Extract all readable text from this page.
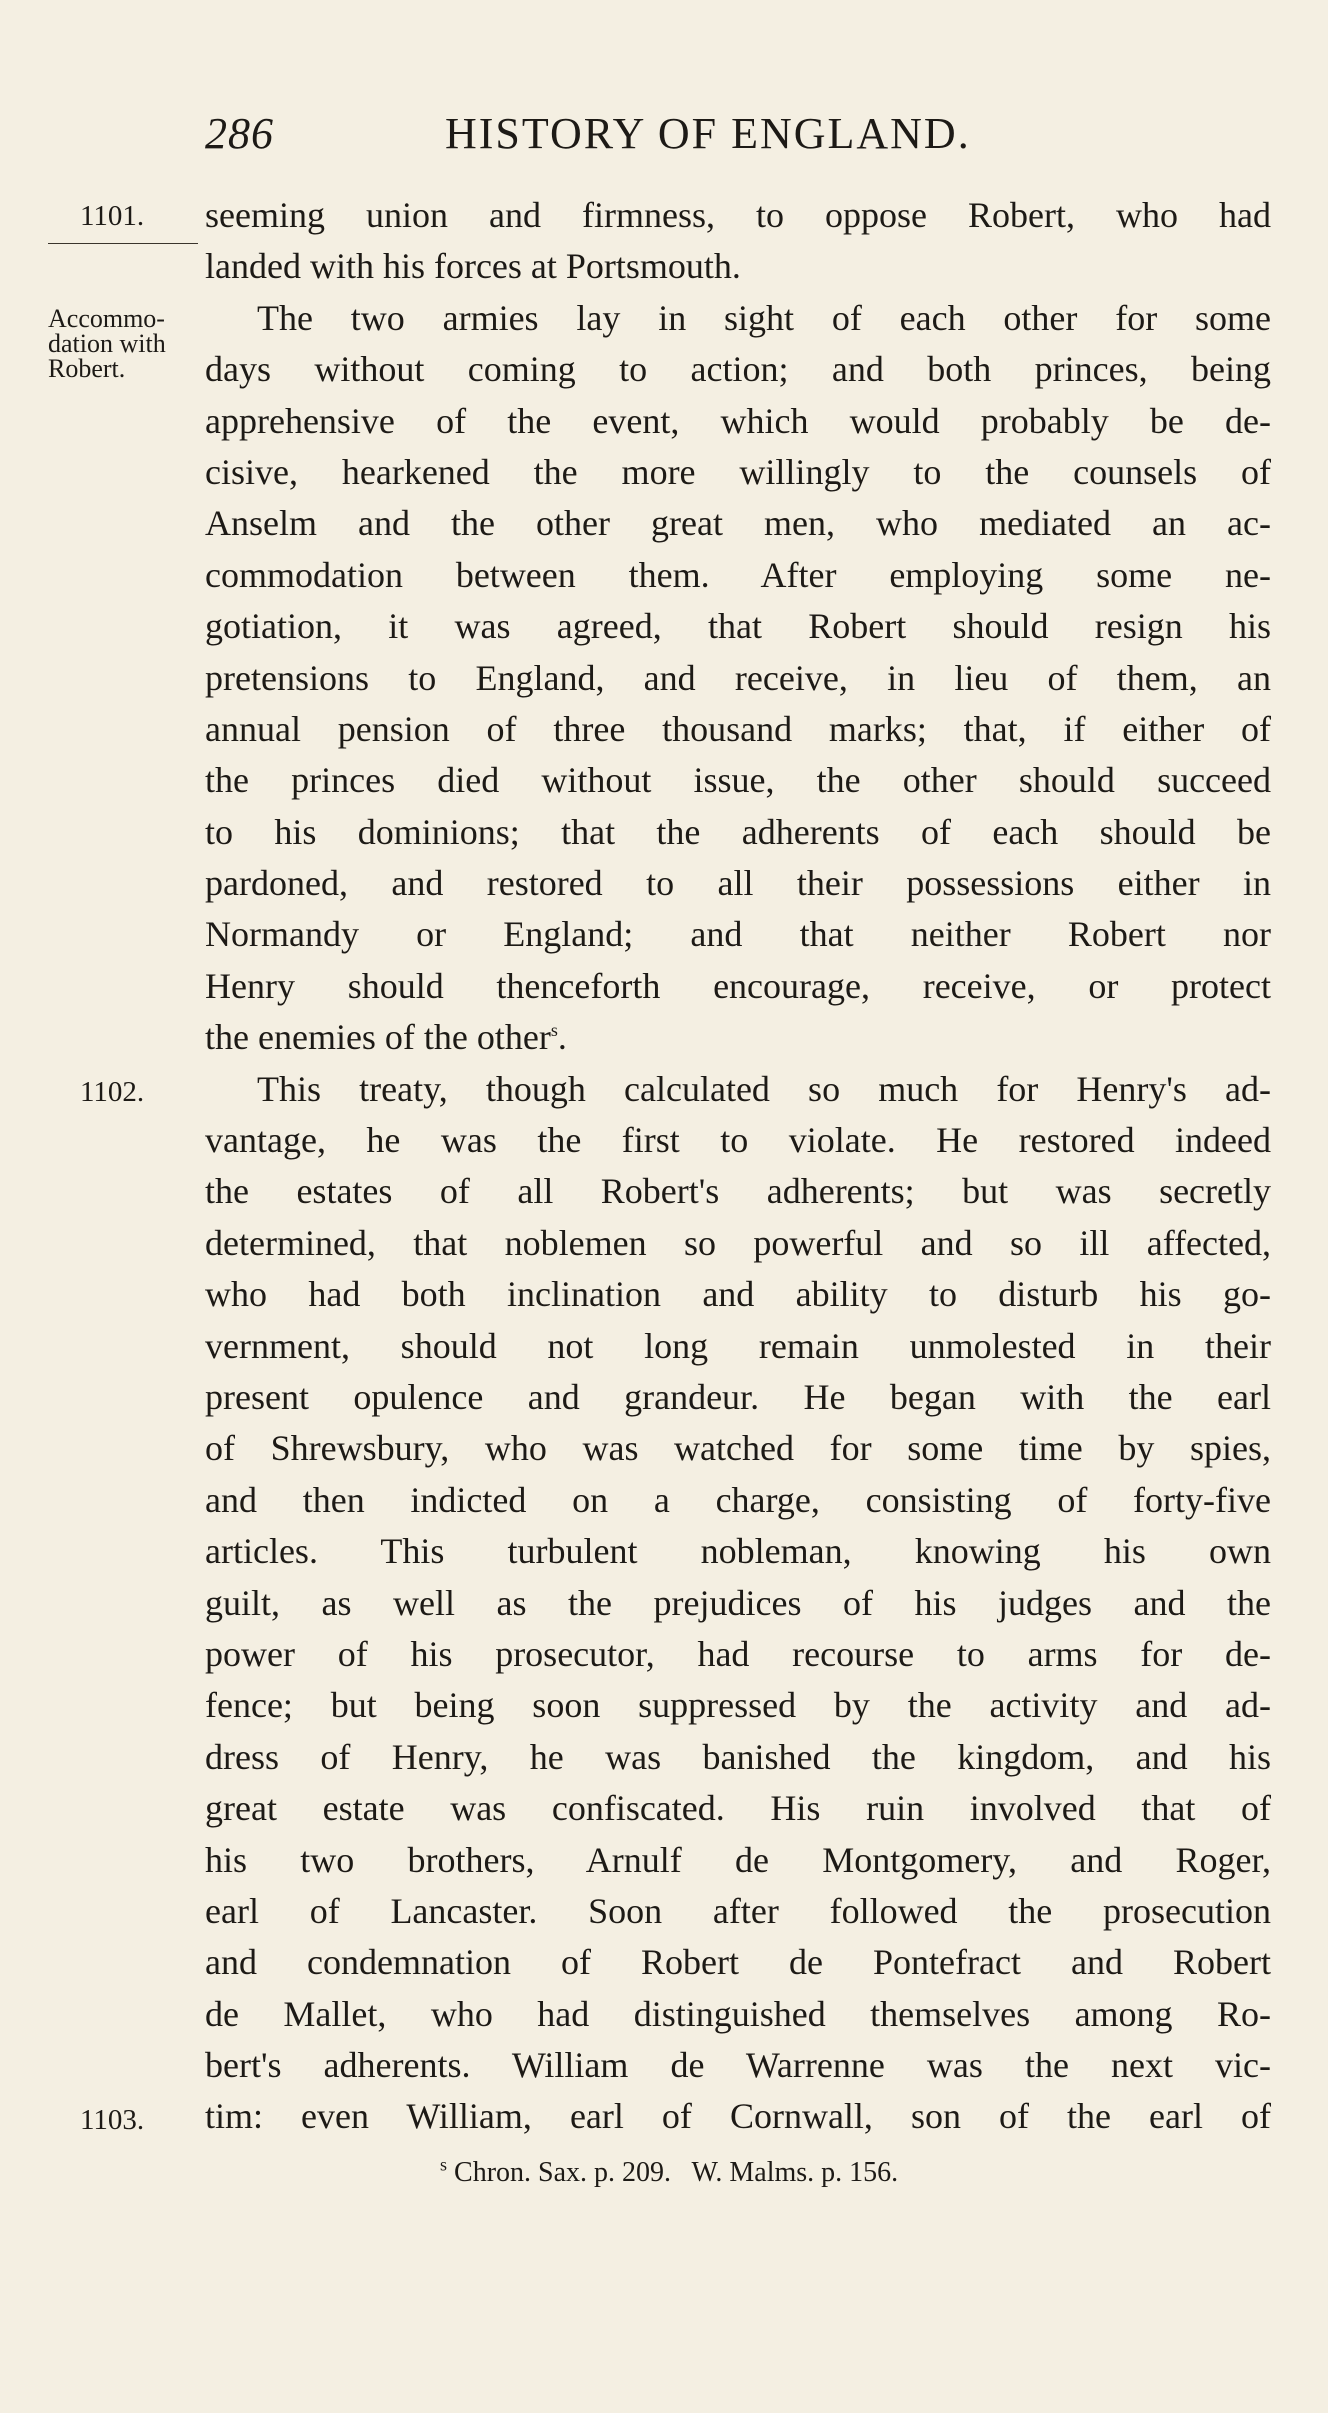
286	HISTORY OF ENGLAND.
1101.
Accommo-
dation with
Robert.
1102.
1103.
seeming union and firmness, to oppose Robert, who had
landed with his forces at Portsmouth.
The two armies lay in sight of each other for some
days without coming to action; and both princes, being
apprehensive of the event, which would probably be de-
cisive, hearkened the more willingly to the counsels of
Anselm and the other great men, who mediated an ac-
commodation between them. After employing some ne-
gotiation, it was agreed, that Robert should resign his
pretensions to England, and receive, in lieu of them, an
annual pension of three thousand marks; that, if either of
the princes died without issue, the other should succeed
to his dominions; that the adherents of each should be
pardoned, and restored to all their possessions either in
Normandy or England; and that neither Robert nor
Henry should thenceforth encourage, receive, or protect
the enemies of the other$^s$.
This treaty, though calculated so much for Henry's ad-
vantage, he was the first to violate. He restored indeed
the estates of all Robert's adherents; but was secretly
determined, that noblemen so powerful and so ill affected,
who had both inclination and ability to disturb his go-
vernment, should not long remain unmolested in their
present opulence and grandeur. He began with the earl
of Shrewsbury, who was watched for some time by spies,
and then indicted on a charge, consisting of forty-five
articles. This turbulent nobleman, knowing his own
guilt, as well as the prejudices of his judges and the
power of his prosecutor, had recourse to arms for de-
fence; but being soon suppressed by the activity and ad-
dress of Henry, he was banished the kingdom, and his
great estate was confiscated. His ruin involved that of
his two brothers, Arnulf de Montgomery, and Roger,
earl of Lancaster. Soon after followed the prosecution
and condemnation of Robert de Pontefract and Robert
de Mallet, who had distinguished themselves among Ro-
bert's adherents. William de Warrenne was the next vic-
tim: even William, earl of Cornwall, son of the earl of
$^s$ Chron. Sax. p. 209.   W. Malms. p. 156.
